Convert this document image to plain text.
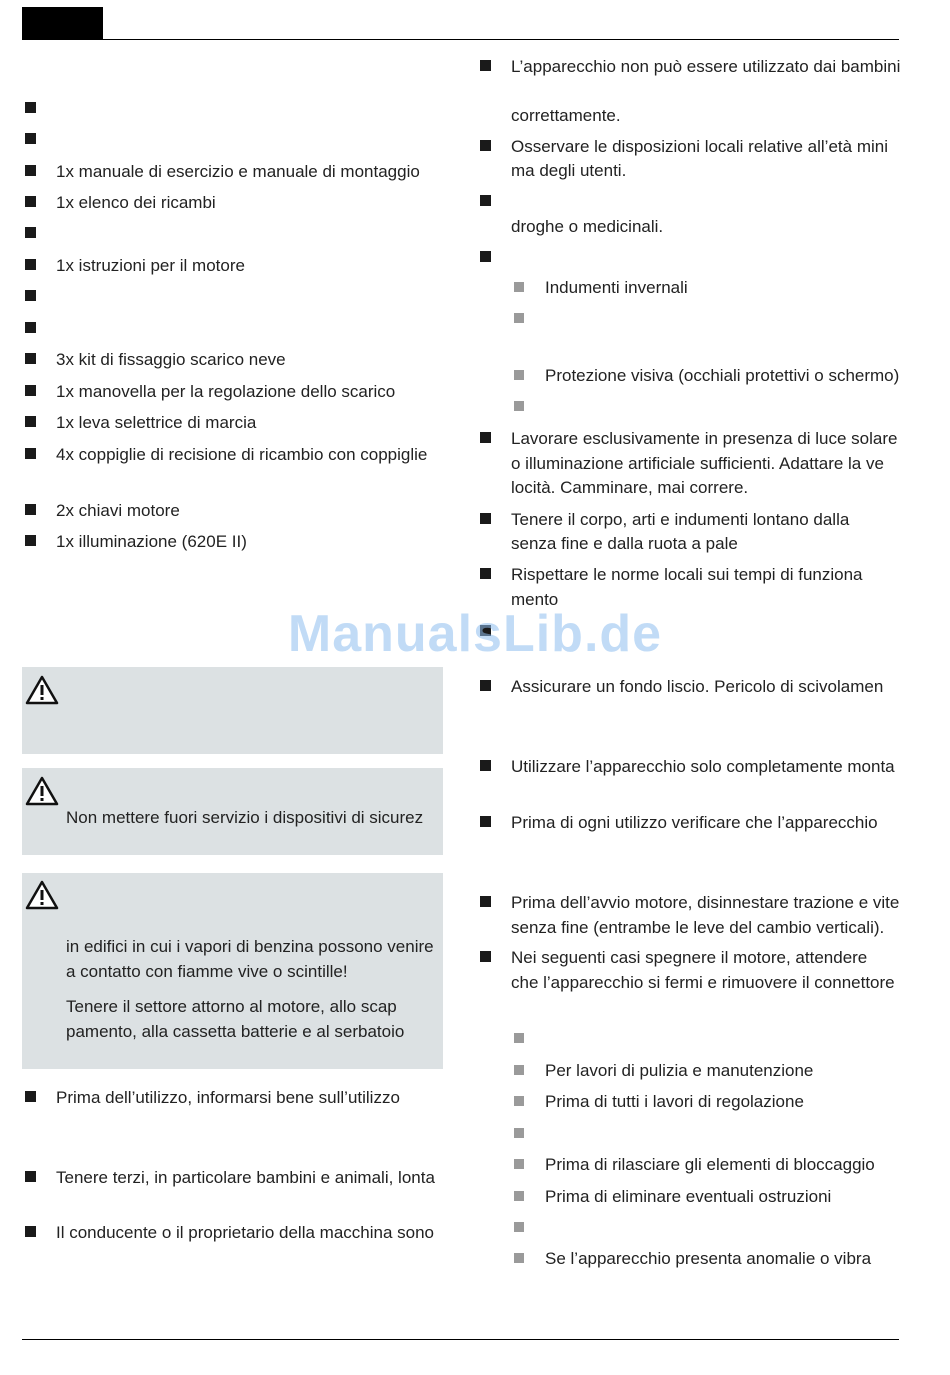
1x manuale di esercizio e manuale di montaggio
1x elenco dei ricambi
1x istruzioni per il motore
3x kit di fissaggio scarico neve
1x manovella per la regolazione dello scarico
1x leva selettrice di marcia
4x coppiglie di recisione di ricambio con coppiglie
2x chiavi motore
1x illuminazione (620E II)
Non mettere fuori servizio i dispositivi di sicurez
in edifici in cui i vapori di benzina possono venire
a contatto con fiamme vive o scintille!
Tenere il settore attorno al motore, allo scap
pamento, alla cassetta batterie e al serbatoio
Prima dell’utilizzo, informarsi bene sull’utilizzo
Tenere terzi, in particolare bambini e animali, lonta
Il conducente o il proprietario della macchina sono
L’apparecchio non può essere utilizzato dai bambini
correttamente.
Osservare le disposizioni locali relative all’età mini
ma degli utenti.
droghe o medicinali.
Indumenti invernali
Protezione visiva (occhiali protettivi o schermo)
Lavorare esclusivamente in presenza di luce solare
o illuminazione artificiale sufficienti. Adattare la ve
locità. Camminare, mai correre.
Tenere il corpo, arti e indumenti lontano dalla
senza fine e dalla ruota a pale
Rispettare le norme locali sui tempi di funziona
mento
Assicurare un fondo liscio. Pericolo di scivolamen
Utilizzare l’apparecchio solo completamente monta
Prima di ogni utilizzo verificare che l’apparecchio
Prima dell’avvio motore, disinnestare trazione e vite
senza fine (entrambe le leve del cambio verticali).
Nei seguenti casi spegnere il motore, attendere
che l’apparecchio si fermi e rimuovere il connettore
Per lavori di pulizia e manutenzione
Prima di tutti i lavori di regolazione
Prima di rilasciare gli elementi di bloccaggio
Prima di eliminare eventuali ostruzioni
Se l’apparecchio presenta anomalie o vibra
ManualsLib.de
